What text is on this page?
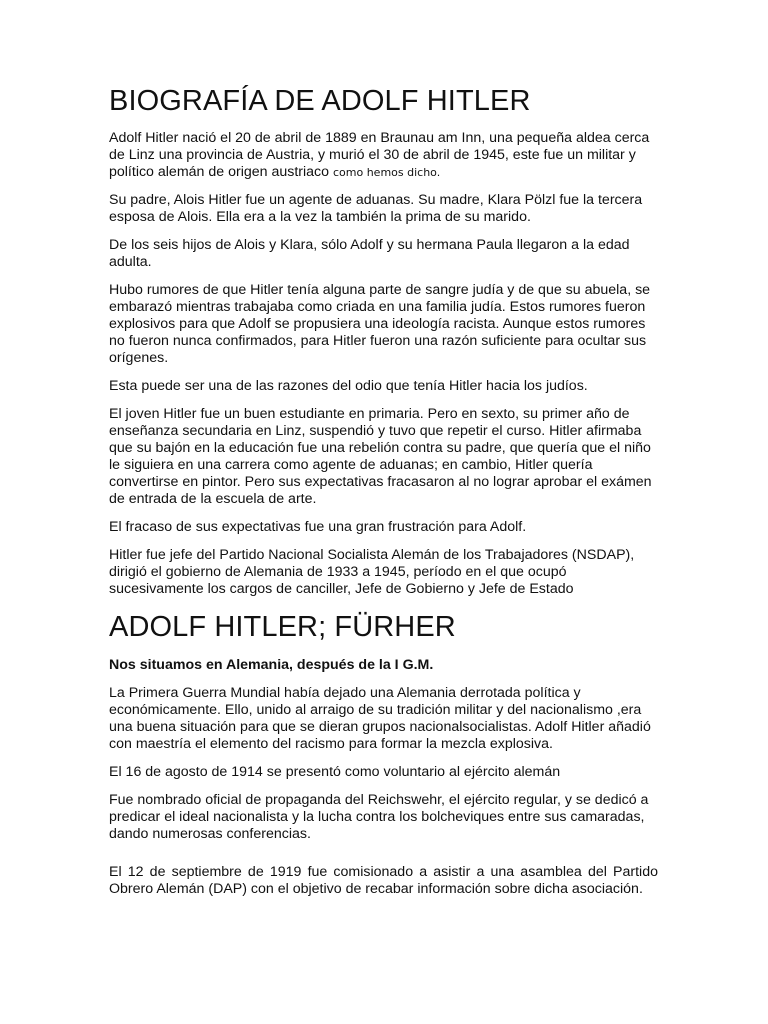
BIOGRAFÍA DE ADOLF HITLER

Adolf Hitler nació el 20 de abril de 1889 en Braunau am Inn, una pequeña aldea cerca de Linz una provincia de Austria, y murió el 30 de abril de 1945, este fue un militar y político alemán de origen austriaco como hemos dicho.

Su padre, Alois Hitler fue un agente de aduanas. Su madre, Klara Pölzl fue la tercera esposa de Alois. Ella era a la vez la también la prima de su marido.

De los seis hijos de Alois y Klara, sólo Adolf y su hermana Paula llegaron a la edad adulta.

Hubo rumores de que Hitler tenía alguna parte de sangre judía y de que su abuela, se embarazó mientras trabajaba como criada en una familia judía. Estos rumores fueron explosivos para que Adolf se propusiera una ideología racista. Aunque estos rumores no fueron nunca confirmados, para Hitler fueron una razón suficiente para ocultar sus orígenes.

Esta puede ser una de las razones del odio que tenía Hitler hacia los judíos.

El joven Hitler fue un buen estudiante en primaria. Pero en sexto, su primer año de enseñanza secundaria en Linz, suspendió y tuvo que repetir el curso. Hitler afirmaba que su bajón en la educación fue una rebelión contra su padre, que quería que el niño le siguiera en una carrera como agente de aduanas; en cambio, Hitler quería convertirse en pintor. Pero sus expectativas fracasaron al no lograr aprobar el exámen de entrada de la escuela de arte.

El fracaso de sus expectativas fue una gran frustración para Adolf.

Hitler fue jefe del Partido Nacional Socialista Alemán de los Trabajadores (NSDAP), dirigió el gobierno de Alemania de 1933 a 1945, período en el que ocupó sucesivamente los cargos de canciller, Jefe de Gobierno y Jefe de Estado

ADOLF HITLER; FÜRHER

Nos situamos en Alemania, después de la I G.M.

La Primera Guerra Mundial había dejado una Alemania derrotada política y económicamente. Ello, unido al arraigo de su tradición militar y del nacionalismo ,era una buena situación para que se dieran grupos nacionalsocialistas. Adolf Hitler añadió con maestría el elemento del racismo para formar la mezcla explosiva.

El 16 de agosto de 1914 se presentó como voluntario al ejército alemán

Fue nombrado oficial de propaganda del Reichswehr, el ejército regular, y se dedicó a predicar el ideal nacionalista y la lucha contra los bolcheviques entre sus camaradas, dando numerosas conferencias.

El 12 de septiembre de 1919 fue comisionado a asistir a una asamblea del Partido Obrero Alemán (DAP) con el objetivo de recabar información sobre dicha asociación.
